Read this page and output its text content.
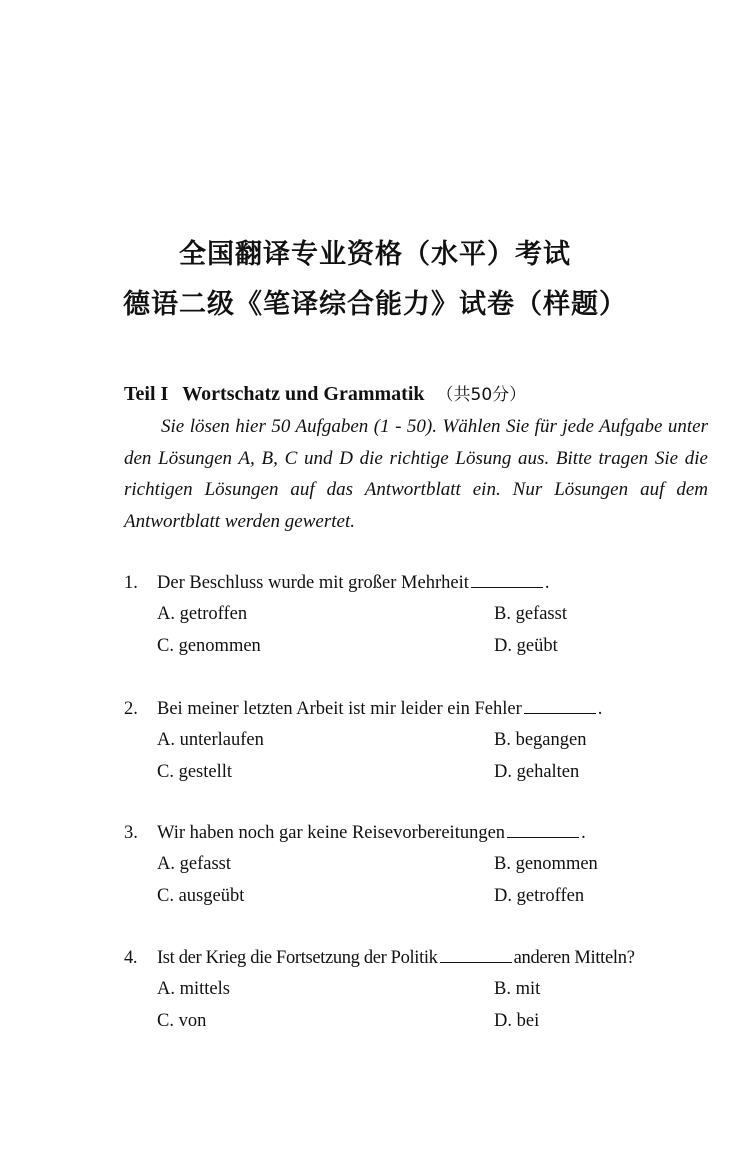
全国翻译专业资格（水平）考试
德语二级《笔译综合能力》试卷（样题）
Teil I Wortschatz und Grammatik （共50分）
Sie lösen hier 50 Aufgaben (1 - 50). Wählen Sie für jede Aufgabe unter den Lösungen A, B, C und D die richtige Lösung aus. Bitte tragen Sie die richtigen Lösungen auf das Antwortblatt ein. Nur Lösungen auf dem Antwortblatt werden gewertet.
1. Der Beschluss wurde mit großer Mehrheit	.
A. getroffen	B. gefasst
C. genommen	D. geübt
2. Bei meiner letzten Arbeit ist mir leider ein Fehler	.
A. unterlaufen	B. begangen
C. gestellt	D. gehalten
3. Wir haben noch gar keine Reisevorbereitungen	.
A. gefasst	B. genommen
C. ausgeübt	D. getroffen
4. Ist der Krieg die Fortsetzung der Politik	anderen Mitteln?
A. mittels	B. mit
C. von	D. bei
